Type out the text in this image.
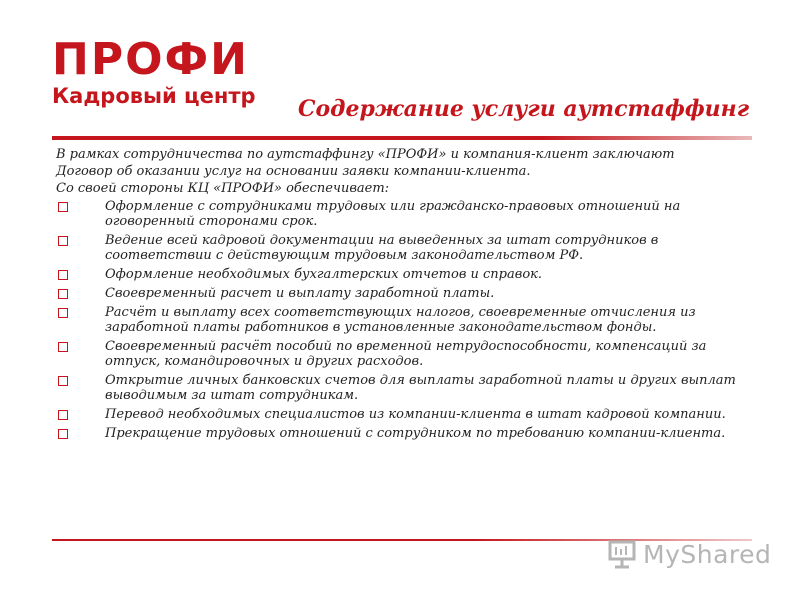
ПРОФИ
Кадровый центр Содержание услуги аутстаффинг

В рамках сотрудничества по аутстаффингу «ПРОФИ» и компания-клиент заключают

Договор об оказании услуг на основании заявки компании-клиента.

Со своей стороны КЦ «ПРОФИ» обеспечивает:

Оформление с сотрудниками трудовых или гражданско-правовых отношений на оговоренный сторонами срок.
Ведение всей кадровой документации на выведенных за штат сотрудников в соответствии с действующим трудовым законодательством РФ.
Оформление необходимых бухгалтерских отчетов и справок.
Своевременный расчет и выплату заработной платы.
Расчёт и выплату всех соответствующих налогов, своевременные отчисления из заработной платы работников в установленные законодательством фонды.
Своевременный расчёт пособий по временной нетрудоспособности, компенсаций за отпуск, командировочных и других расходов.
Открытие личных банковских счетов для выплаты заработной платы и других выплат выводимым за штат сотрудникам.
Перевод необходимых специалистов из компании-клиента в штат кадровой компании.
Прекращение трудовых отношений с сотрудником по требованию компании-клиента.
MyShared
